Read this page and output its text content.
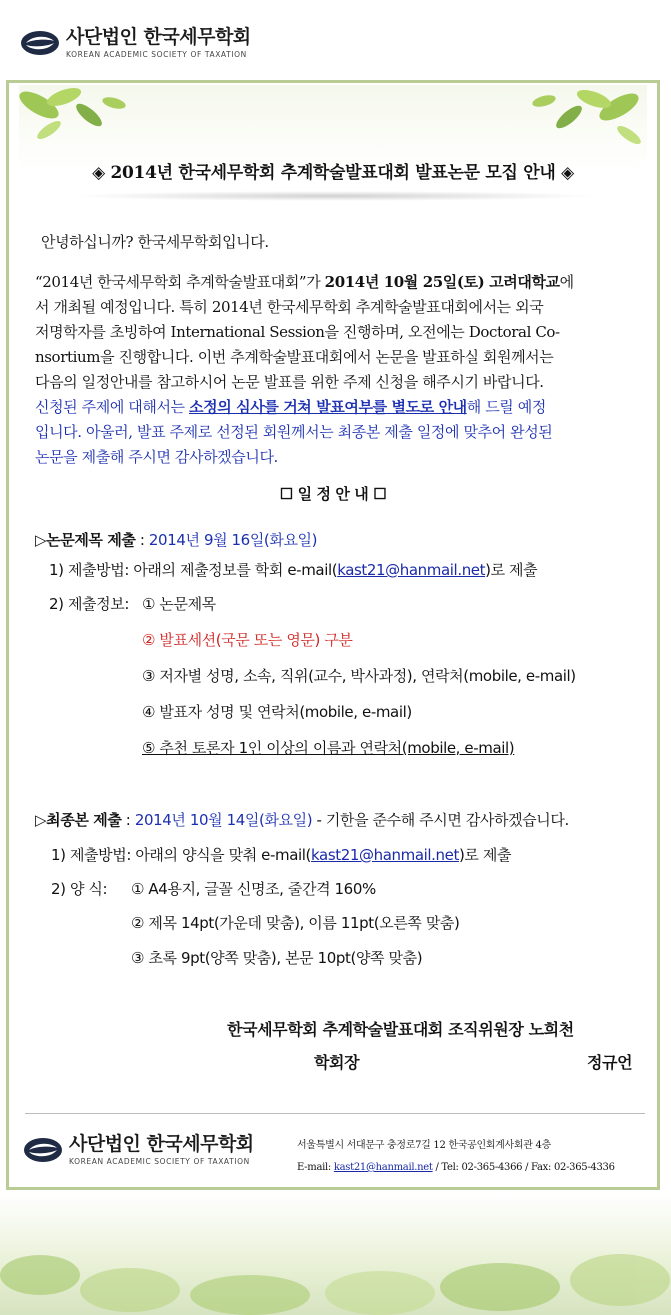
사단법인 한국세무학회
KOREAN ACADEMIC SOCIETY OF TAXATION
◈ 2014년 한국세무학회 추계학술발표대회 발표논문 모집 안내 ◈
안녕하십니까? 한국세무학회입니다.
“2014년 한국세무학회 추계학술발표대회”가 2014년 10월 25일(토) 고려대학교에
서 개최될 예정입니다. 특히 2014년 한국세무학회 추계학술발표대회에서는 외국
저명학자를 초빙하여 International Session을 진행하며, 오전에는 Doctoral Co-
nsortium을 진행합니다. 이번 추계학술발표대회에서 논문을 발표하실 회원께서는
다음의 일정안내를 참고하시어 논문 발표를 위한 주제 신청을 해주시기 바랍니다.
신청된 주제에 대해서는 소정의 심사를 거쳐 발표여부를 별도로 안내해 드릴 예정
입니다. 아울러, 발표 주제로 선정된 회원께서는 최종본 제출 일정에 맞추어 완성된
논문을 제출해 주시면 감사하겠습니다.
☐ 일 정 안 내 ☐
▷논문제목 제출 : 2014년 9월 16일(화요일)
1) 제출방법: 아래의 제출정보를 학회 e-mail(kast21@hanmail.net)로 제출
2) 제출정보: ① 논문제목
② 발표세션(국문 또는 영문) 구분
③ 저자별 성명, 소속, 직위(교수, 박사과정), 연락처(mobile, e-mail)
④ 발표자 성명 및 연락처(mobile, e-mail)
⑤ 추천 토론자 1인 이상의 이름과 연락처(mobile, e-mail)
▷최종본 제출 : 2014년 10월 14일(화요일) - 기한을 준수해 주시면 감사하겠습니다.
1) 제출방법: 아래의 양식을 맞춰 e-mail(kast21@hanmail.net)로 제출
2) 양 식: ① A4용지, 글꼴 신명조, 줄간격 160%
② 제목 14pt(가운데 맞춤), 이름 11pt(오른쪽 맞춤)
③ 초록 9pt(양쪽 맞춤), 본문 10pt(양쪽 맞춤)
한국세무학회 추계학술발표대회 조직위원장 노희천
학회장	정규언
사단법인 한국세무학회
KOREAN ACADEMIC SOCIETY OF TAXATION
서울특별시 서대문구 충정로7길 12 한국공인회계사회관 4층
E-mail: kast21@hanmail.net / Tel: 02-365-4366 / Fax: 02-365-4336
